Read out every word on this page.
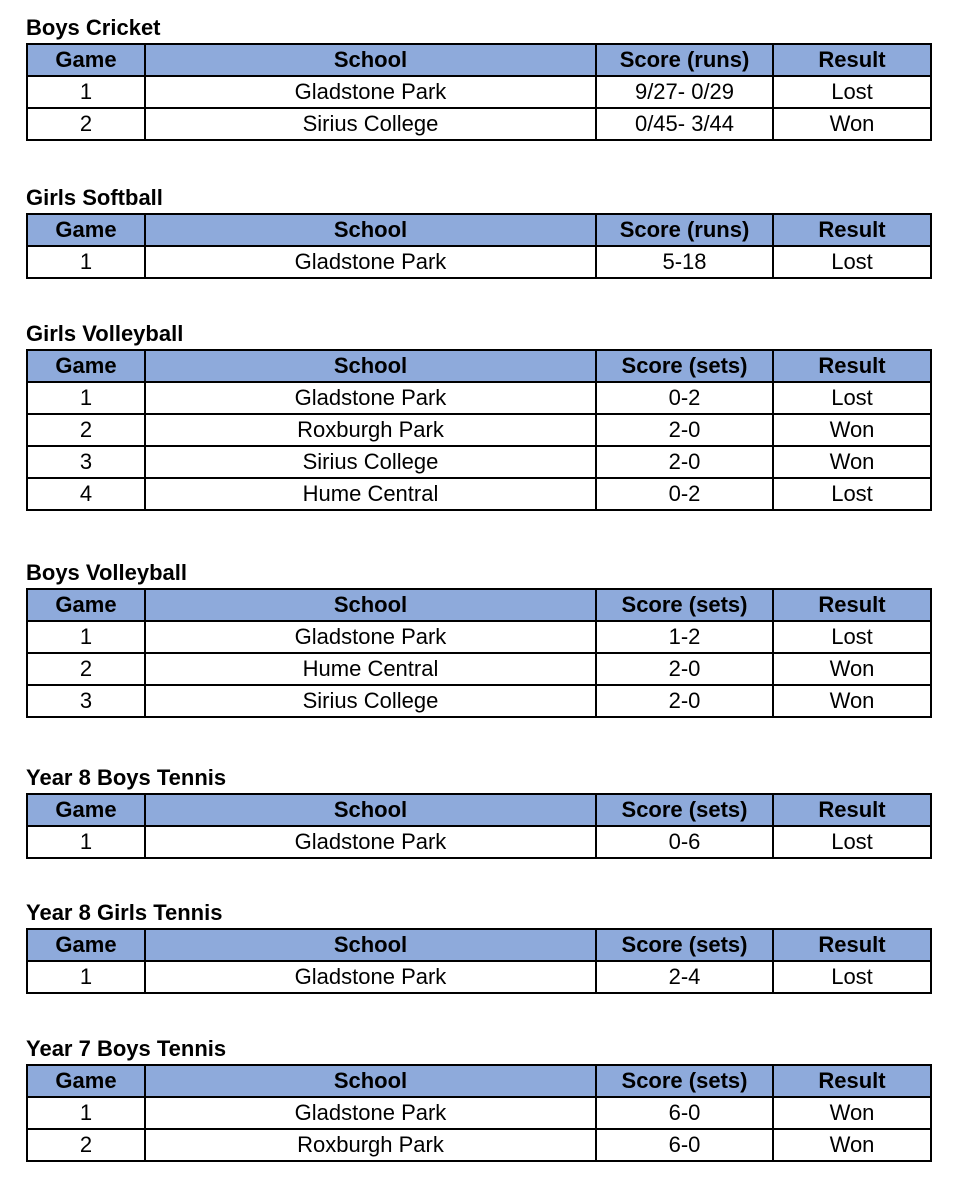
Boys Cricket
Game	School	Score (runs)	Result
1	Gladstone Park	9/27- 0/29	Lost
2	Sirius College	0/45- 3/44	Won
Girls Softball
Game	School	Score (runs)	Result
1	Gladstone Park	5-18	Lost
Girls Volleyball
Game	School	Score (sets)	Result
1	Gladstone Park	0-2	Lost
2	Roxburgh Park	2-0	Won
3	Sirius College	2-0	Won
4	Hume Central	0-2	Lost
Boys Volleyball
Game	School	Score (sets)	Result
1	Gladstone Park	1-2	Lost
2	Hume Central	2-0	Won
3	Sirius College	2-0	Won
Year 8 Boys Tennis
Game	School	Score (sets)	Result
1	Gladstone Park	0-6	Lost
Year 8 Girls Tennis
Game	School	Score (sets)	Result
1	Gladstone Park	2-4	Lost
Year 7 Boys Tennis
Game	School	Score (sets)	Result
1	Gladstone Park	6-0	Won
2	Roxburgh Park	6-0	Won
